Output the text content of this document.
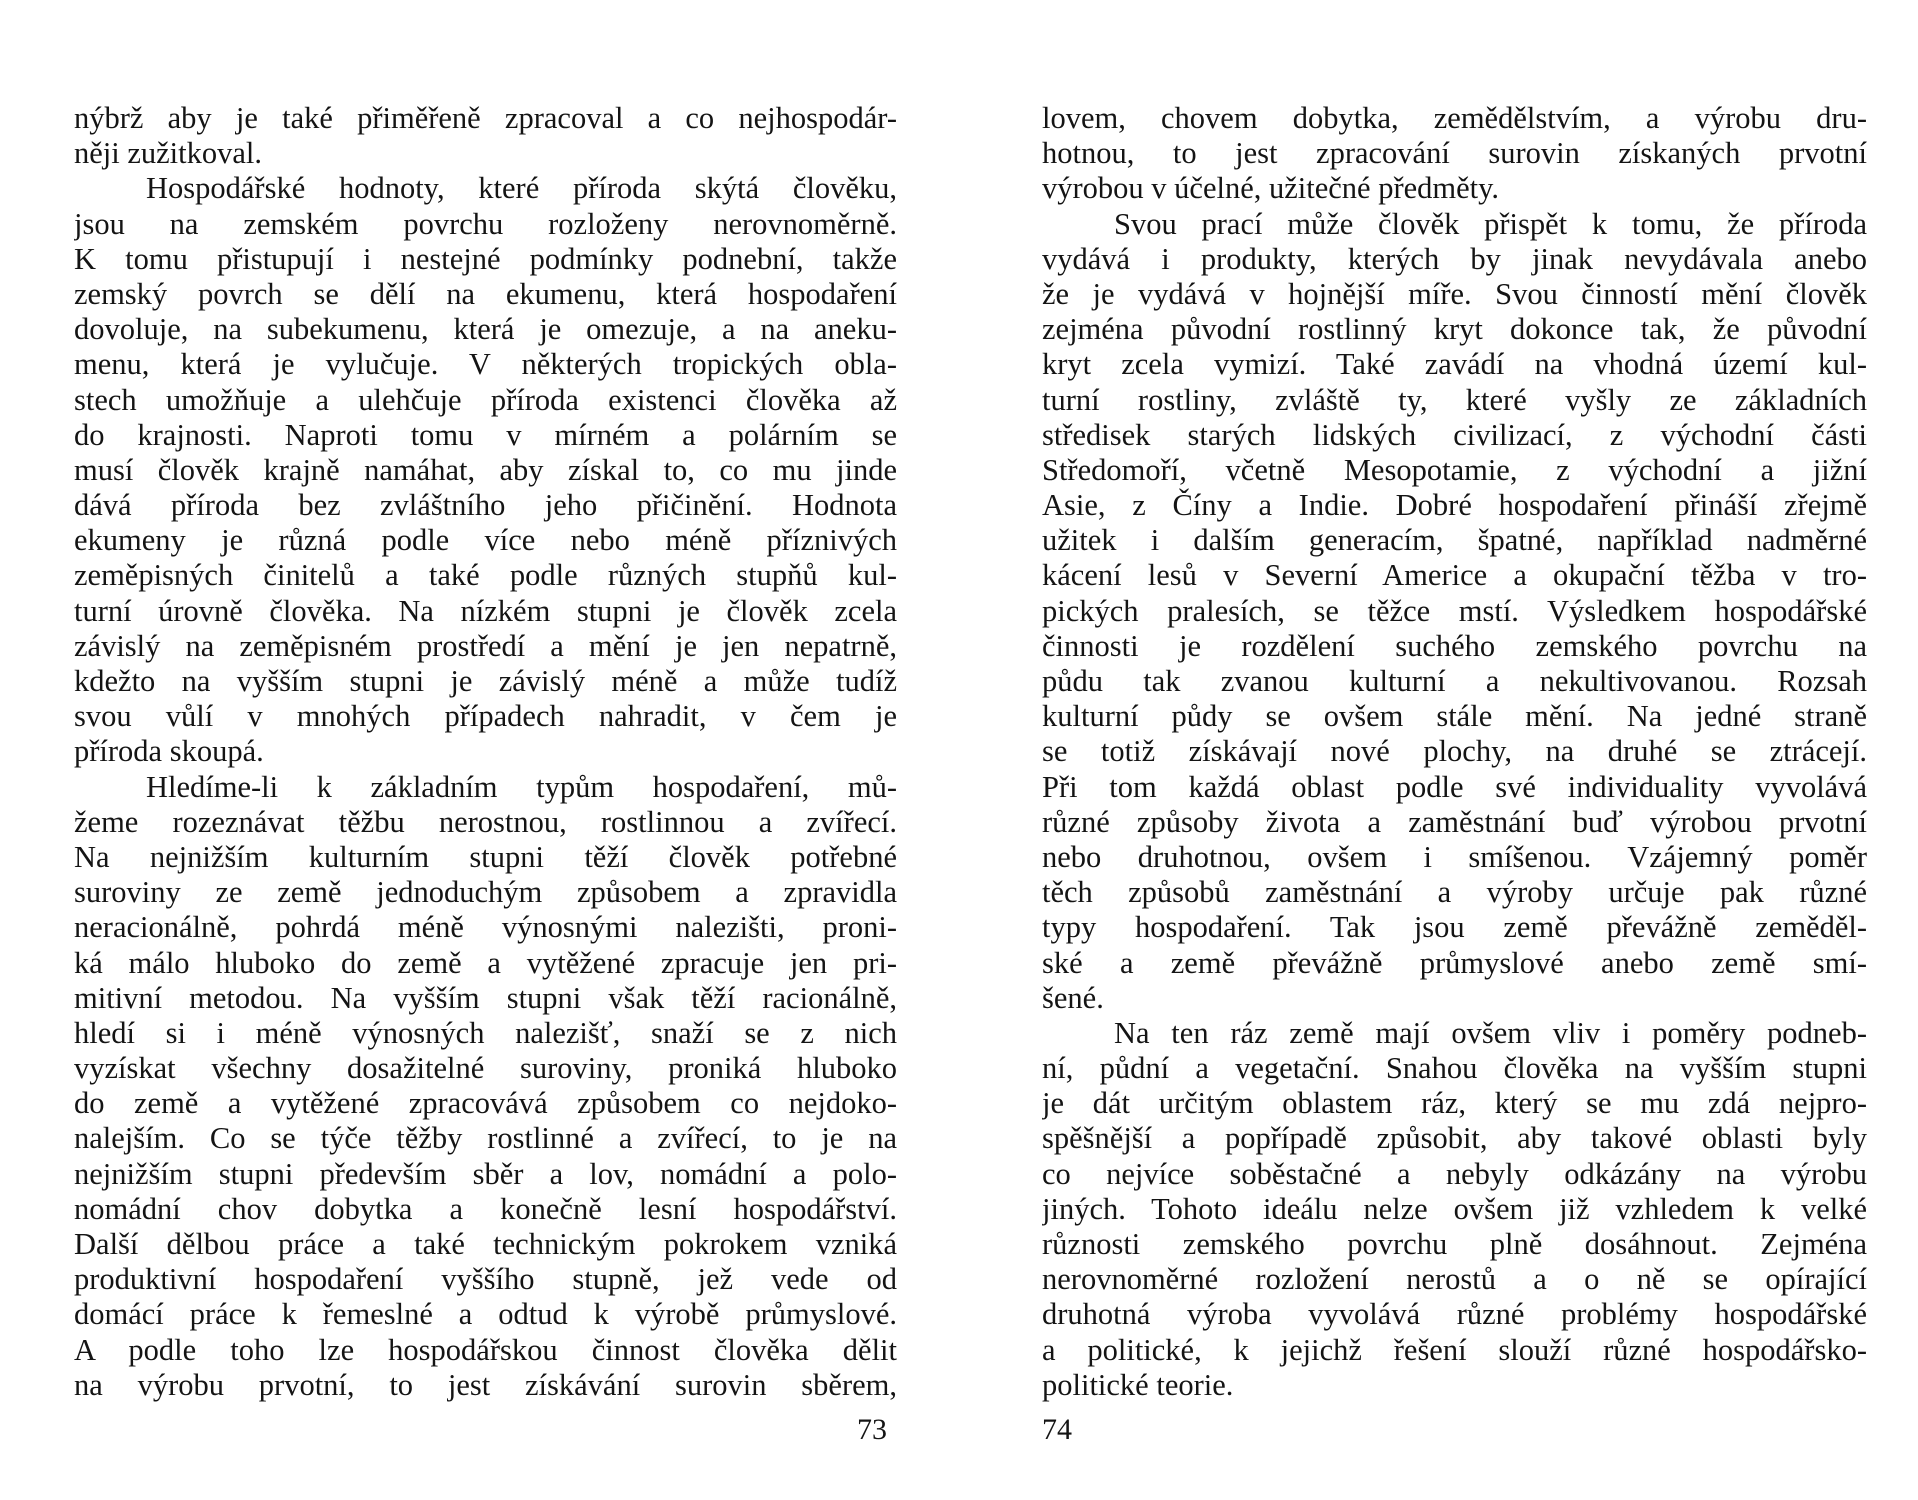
nýbrž aby je také přiměřeně zpracoval a co nejhospodár-
něji zužitkoval.
Hospodářské hodnoty, které příroda skýtá člověku,
jsou na zemském povrchu rozloženy nerovnoměrně.
K tomu přistupují i nestejné podmínky podnební, takže
zemský povrch se dělí na ekumenu, která hospodaření
dovoluje, na subekumenu, která je omezuje, a na aneku-
menu, která je vylučuje. V některých tropických obla-
stech umožňuje a ulehčuje příroda existenci člověka až
do krajnosti. Naproti tomu v mírném a polárním se
musí člověk krajně namáhat, aby získal to, co mu jinde
dává příroda bez zvláštního jeho přičinění. Hodnota
ekumeny je různá podle více nebo méně příznivých
zeměpisných činitelů a také podle různých stupňů kul-
turní úrovně člověka. Na nízkém stupni je člověk zcela
závislý na zeměpisném prostředí a mění je jen nepatrně,
kdežto na vyšším stupni je závislý méně a může tudíž
svou vůlí v mnohých případech nahradit, v čem je
příroda skoupá.
Hledíme-li k základním typům hospodaření, mů-
žeme rozeznávat těžbu nerostnou, rostlinnou a zvířecí.
Na nejnižším kulturním stupni těží člověk potřebné
suroviny ze země jednoduchým způsobem a zpravidla
neracionálně, pohrdá méně výnosnými nalezišti, proni-
ká málo hluboko do země a vytěžené zpracuje jen pri-
mitivní metodou. Na vyšším stupni však těží racionálně,
hledí si i méně výnosných nalezišť, snaží se z nich
vyzískat všechny dosažitelné suroviny, proniká hluboko
do země a vytěžené zpracovává způsobem co nejdoko-
nalejším. Co se týče těžby rostlinné a zvířecí, to je na
nejnižším stupni především sběr a lov, nomádní a polo-
nomádní chov dobytka a konečně lesní hospodářství.
Další dělbou práce a také technickým pokrokem vzniká
produktivní hospodaření vyššího stupně, jež vede od
domácí práce k řemeslné a odtud k výrobě průmyslové.
A podle toho lze hospodářskou činnost člověka dělit
na výrobu prvotní, to jest získávání surovin sběrem,
73
lovem, chovem dobytka, zemědělstvím, a výrobu dru-
hotnou, to jest zpracování surovin získaných prvotní
výrobou v účelné, užitečné předměty.
Svou prací může člověk přispět k tomu, že příroda
vydává i produkty, kterých by jinak nevydávala anebo
že je vydává v hojnější míře. Svou činností mění člověk
zejména původní rostlinný kryt dokonce tak, že původní
kryt zcela vymizí. Také zavádí na vhodná území kul-
turní rostliny, zvláště ty, které vyšly ze základních
středisek starých lidských civilizací, z východní části
Středomoří, včetně Mesopotamie, z východní a jižní
Asie, z Číny a Indie. Dobré hospodaření přináší zřejmě
užitek i dalším generacím, špatné, například nadměrné
kácení lesů v Severní Americe a okupační těžba v tro-
pických pralesích, se těžce mstí. Výsledkem hospodářské
činnosti je rozdělení suchého zemského povrchu na
půdu tak zvanou kulturní a nekultivovanou. Rozsah
kulturní půdy se ovšem stále mění. Na jedné straně
se totiž získávají nové plochy, na druhé se ztrácejí.
Při tom každá oblast podle své individuality vyvolává
různé způsoby života a zaměstnání buď výrobou prvotní
nebo druhotnou, ovšem i smíšenou. Vzájemný poměr
těch způsobů zaměstnání a výroby určuje pak různé
typy hospodaření. Tak jsou země převážně zeměděl-
ské a země převážně průmyslové anebo země smí-
šené.
Na ten ráz země mají ovšem vliv i poměry podneb-
ní, půdní a vegetační. Snahou člověka na vyšším stupni
je dát určitým oblastem ráz, který se mu zdá nejpro-
spěšnější a popřípadě způsobit, aby takové oblasti byly
co nejvíce soběstačné a nebyly odkázány na výrobu
jiných. Tohoto ideálu nelze ovšem již vzhledem k velké
různosti zemského povrchu plně dosáhnout. Zejména
nerovnoměrné rozložení nerostů a o ně se opírající
druhotná výroba vyvolává různé problémy hospodářské
a politické, k jejichž řešení slouží různé hospodářsko-
politické teorie.
74
